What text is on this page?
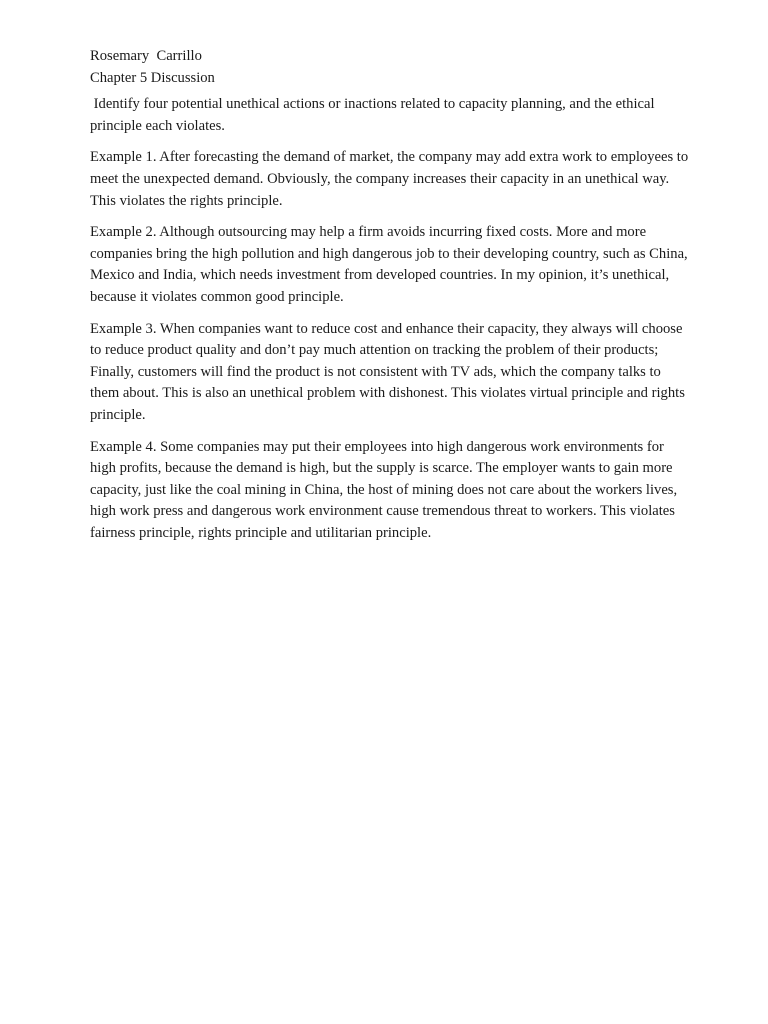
Rosemary  Carrillo

Chapter 5 Discussion

Identify four potential unethical actions or inactions related to capacity planning, and the ethical principle each violates.

Example 1. After forecasting the demand of market, the company may add extra work to employees to meet the unexpected demand. Obviously, the company increases their capacity in an unethical way. This violates the rights principle.

Example 2. Although outsourcing may help a firm avoids incurring fixed costs. More and more companies bring the high pollution and high dangerous job to their developing country, such as China, Mexico and India, which needs investment from developed countries. In my opinion, it’s unethical, because it violates common good principle.

Example 3. When companies want to reduce cost and enhance their capacity, they always will choose to reduce product quality and don’t pay much attention on tracking the problem of their products; Finally, customers will find the product is not consistent with TV ads, which the company talks to them about. This is also an unethical problem with dishonest. This violates virtual principle and rights principle.

Example 4. Some companies may put their employees into high dangerous work environments for high profits, because the demand is high, but the supply is scarce. The employer wants to gain more capacity, just like the coal mining in China, the host of mining does not care about the workers lives, high work press and dangerous work environment cause tremendous threat to workers. This violates fairness principle, rights principle and utilitarian principle.
